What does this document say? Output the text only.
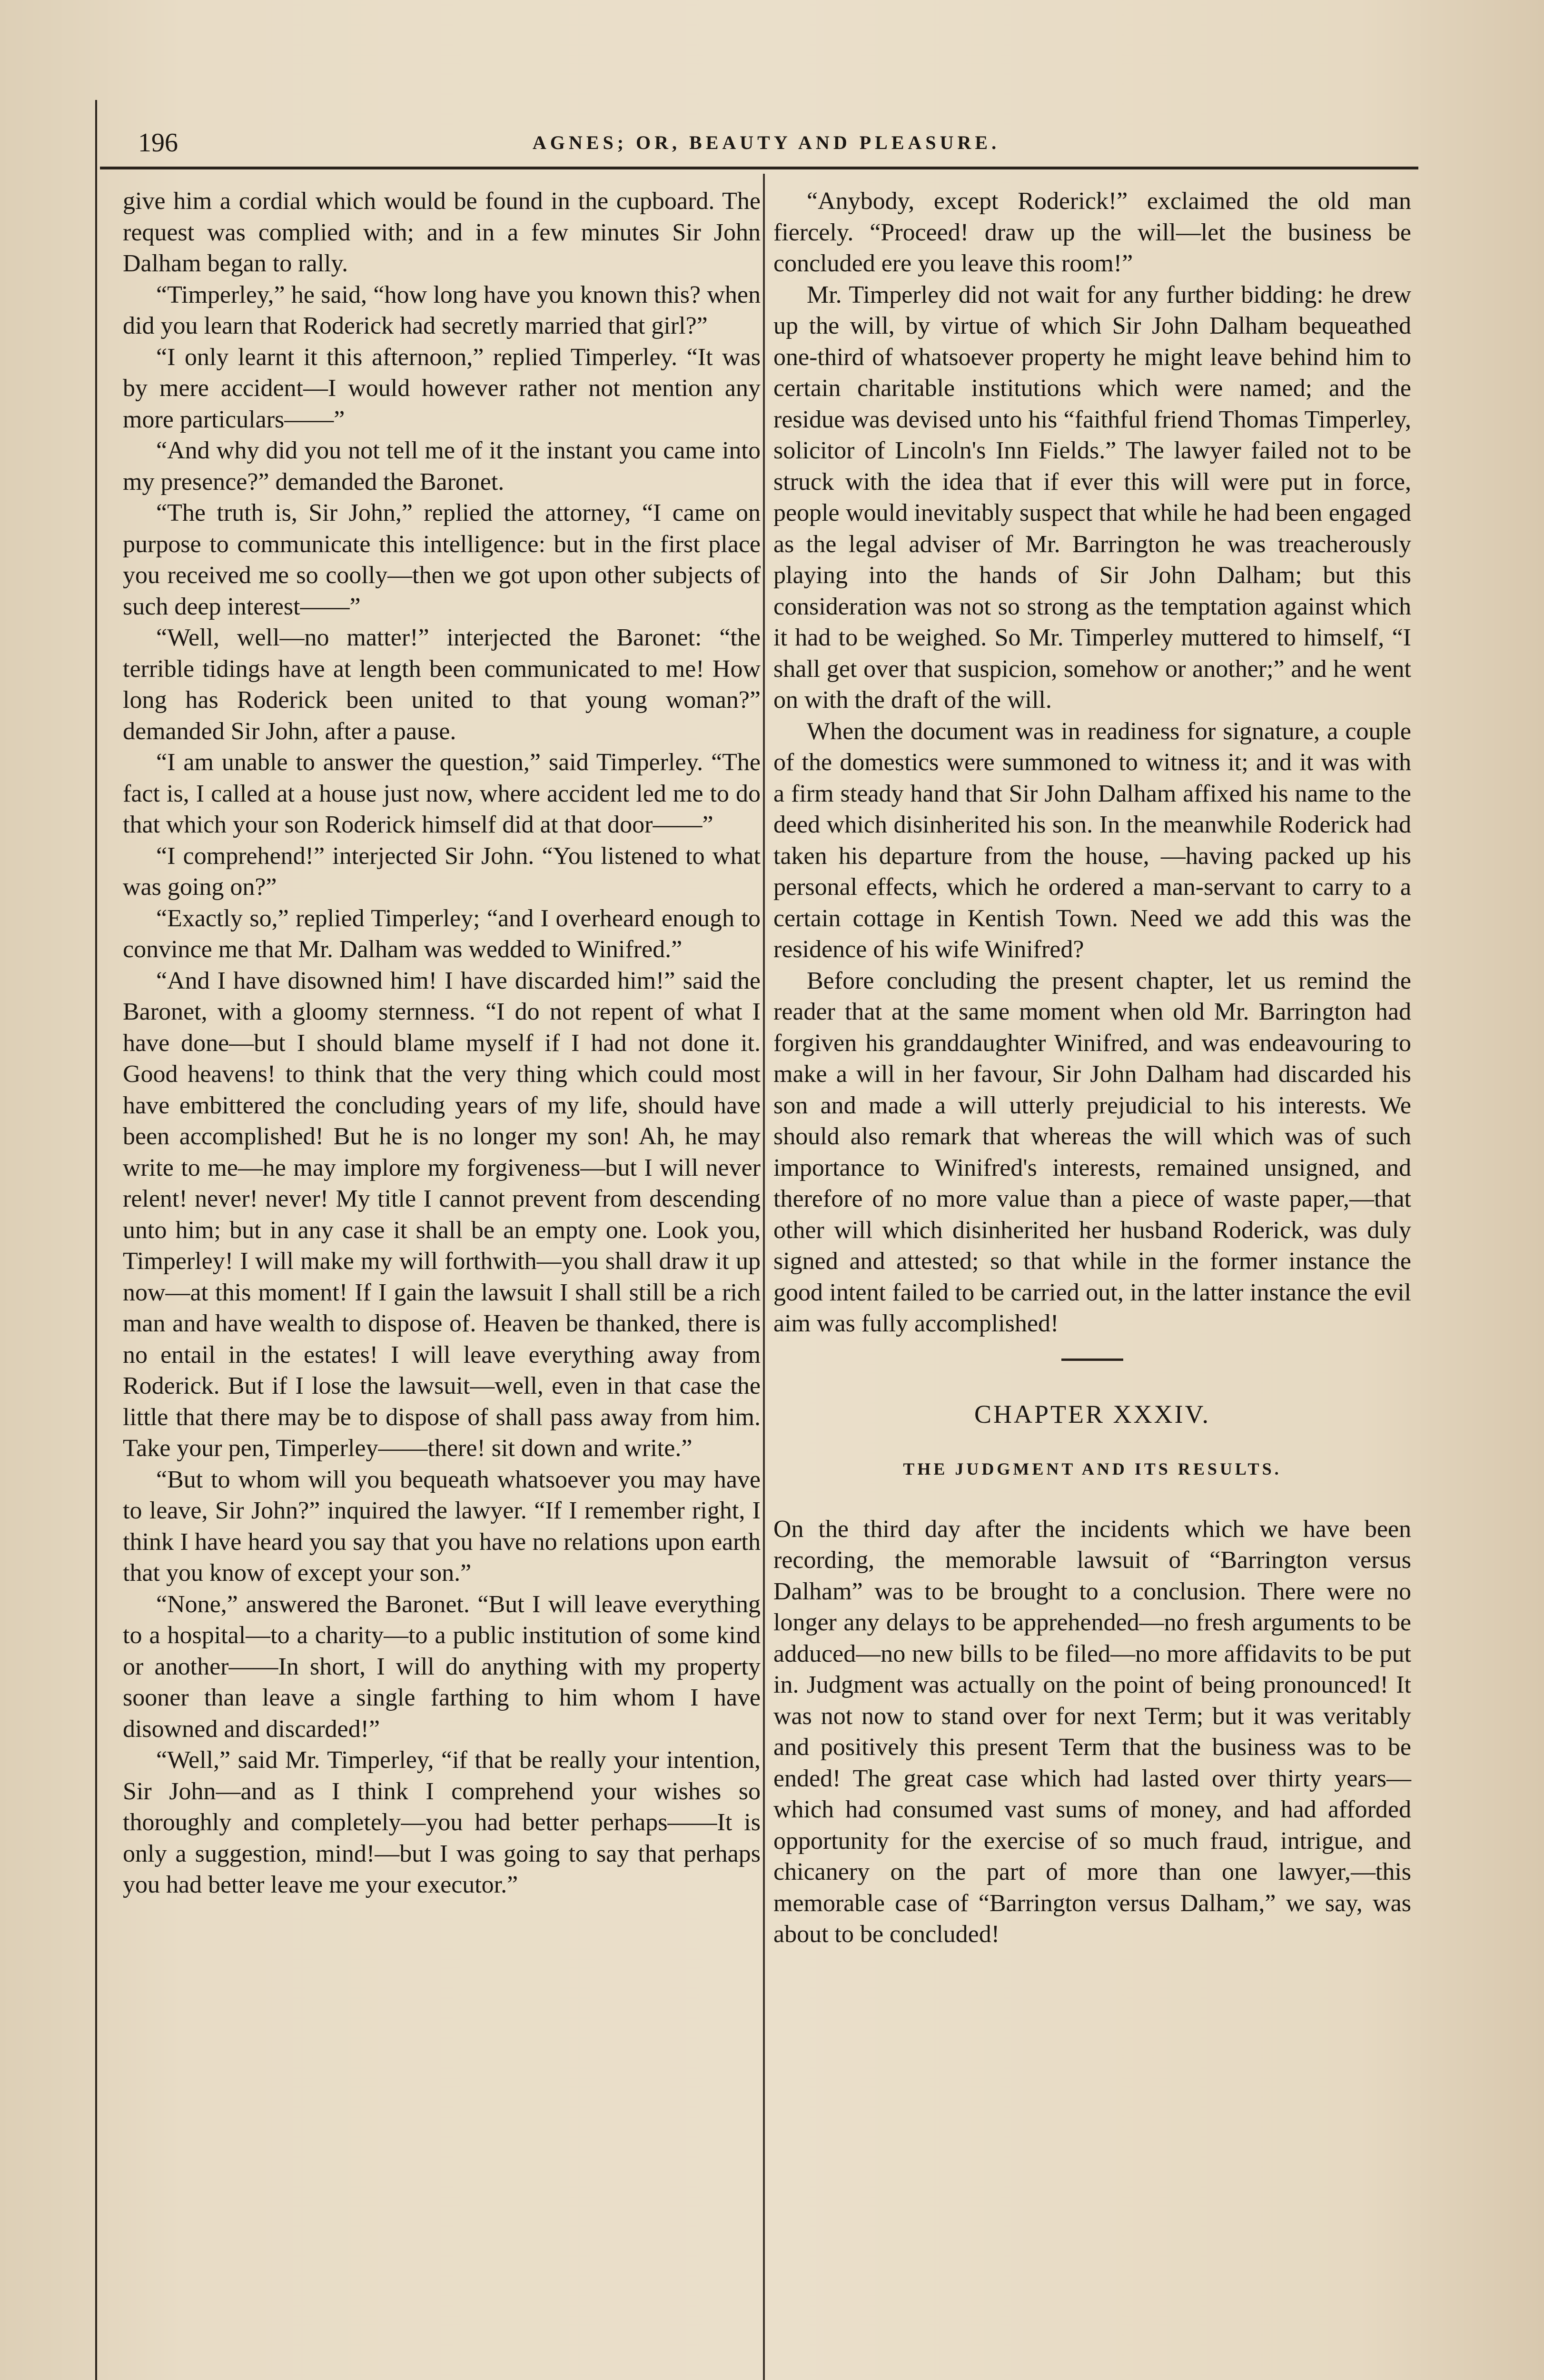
196	AGNES; OR, BEAUTY AND PLEASURE.

give him a cordial which would be found in the cupboard. The request was complied with; and in a few minutes Sir John Dalham began to rally.

“Timperley,” he said, “how long have you known this? when did you learn that Roderick had secretly married that girl?”

“I only learnt it this afternoon,” replied Timperley. “It was by mere accident—I would however rather not mention any more particulars——”

“And why did you not tell me of it the instant you came into my presence?” demanded the Baronet.

“The truth is, Sir John,” replied the attorney, “I came on purpose to communicate this intelligence: but in the first place you received me so coolly—then we got upon other subjects of such deep interest——”

“Well, well—no matter!” interjected the Baronet: “the terrible tidings have at length been communicated to me! How long has Roderick been united to that young woman?” demanded Sir John, after a pause.

“I am unable to answer the question,” said Timperley. “The fact is, I called at a house just now, where accident led me to do that which your son Roderick himself did at that door——”

“I comprehend!” interjected Sir John. “You listened to what was going on?”

“Exactly so,” replied Timperley; “and I overheard enough to convince me that Mr. Dalham was wedded to Winifred.”

“And I have disowned him! I have discarded him!” said the Baronet, with a gloomy sternness. “I do not repent of what I have done—but I should blame myself if I had not done it. Good heavens! to think that the very thing which could most have embittered the concluding years of my life, should have been accomplished! But he is no longer my son! Ah, he may write to me—he may implore my forgiveness—but I will never relent! never! never! My title I cannot prevent from descending unto him; but in any case it shall be an empty one. Look you, Timperley! I will make my will forthwith—you shall draw it up now—at this moment! If I gain the lawsuit I shall still be a rich man and have wealth to dispose of. Heaven be thanked, there is no entail in the estates! I will leave everything away from Roderick. But if I lose the lawsuit—well, even in that case the little that there may be to dispose of shall pass away from him. Take your pen, Timperley——there! sit down and write.”

“But to whom will you bequeath whatsoever you may have to leave, Sir John?” inquired the lawyer. “If I remember right, I think I have heard you say that you have no relations upon earth that you know of except your son.”

“None,” answered the Baronet. “But I will leave everything to a hospital—to a charity—to a public institution of some kind or another——In short, I will do anything with my property sooner than leave a single farthing to him whom I have disowned and discarded!”

“Well,” said Mr. Timperley, “if that be really your intention, Sir John—and as I think I comprehend your wishes so thoroughly and completely—you had better perhaps——It is only a suggestion, mind!—but I was going to say that perhaps you had better leave me your executor.”

“Anybody, except Roderick!” exclaimed the old man fiercely. “Proceed! draw up the will—let the business be concluded ere you leave this room!”

Mr. Timperley did not wait for any further bidding: he drew up the will, by virtue of which Sir John Dalham bequeathed one-third of whatsoever property he might leave behind him to certain charitable institutions which were named; and the residue was devised unto his “faithful friend Thomas Timperley, solicitor of Lincoln's Inn Fields.” The lawyer failed not to be struck with the idea that if ever this will were put in force, people would inevitably suspect that while he had been engaged as the legal adviser of Mr. Barrington he was treacherously playing into the hands of Sir John Dalham; but this consideration was not so strong as the temptation against which it had to be weighed. So Mr. Timperley muttered to himself, “I shall get over that suspicion, somehow or another;” and he went on with the draft of the will.

When the document was in readiness for signature, a couple of the domestics were summoned to witness it; and it was with a firm steady hand that Sir John Dalham affixed his name to the deed which disinherited his son. In the meanwhile Roderick had taken his departure from the house, —having packed up his personal effects, which he ordered a man-servant to carry to a certain cottage in Kentish Town. Need we add this was the residence of his wife Winifred?

Before concluding the present chapter, let us remind the reader that at the same moment when old Mr. Barrington had forgiven his granddaughter Winifred, and was endeavouring to make a will in her favour, Sir John Dalham had discarded his son and made a will utterly prejudicial to his interests. We should also remark that whereas the will which was of such importance to Winifred's interests, remained unsigned, and therefore of no more value than a piece of waste paper,—that other will which disinherited her husband Roderick, was duly signed and attested; so that while in the former instance the good intent failed to be carried out, in the latter instance the evil aim was fully accomplished!

CHAPTER XXXIV.
THE JUDGMENT AND ITS RESULTS.

On the third day after the incidents which we have been recording, the memorable lawsuit of “Barrington versus Dalham” was to be brought to a conclusion. There were no longer any delays to be apprehended—no fresh arguments to be adduced—no new bills to be filed—no more affidavits to be put in. Judgment was actually on the point of being pronounced! It was not now to stand over for next Term; but it was veritably and positively this present Term that the business was to be ended! The great case which had lasted over thirty years—which had consumed vast sums of money, and had afforded opportunity for the exercise of so much fraud, intrigue, and chicanery on the part of more than one lawyer,—this memorable case of “Barrington versus Dalham,” we say, was about to be concluded!
